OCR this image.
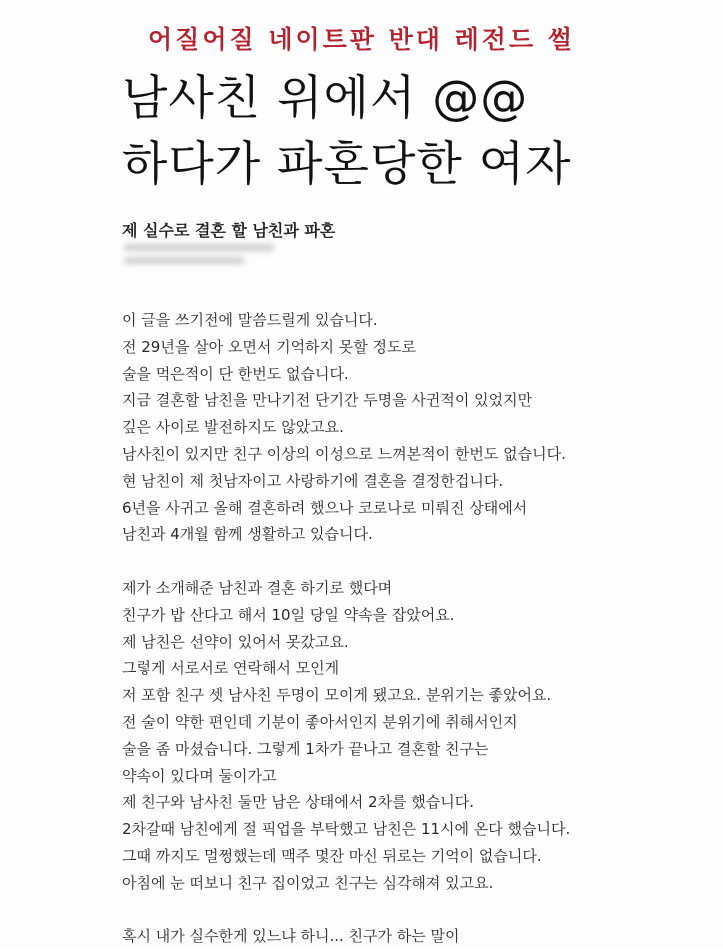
어질어질 네이트판 반대 레전드 썰
남사친 위에서 @@
하다가 파혼당한 여자
제 실수로 결혼 할 남친과 파혼
이 글을 쓰기전에 말씀드릴게 있습니다.
전 29년을 살아 오면서 기억하지 못할 정도로
술을 먹은적이 단 한번도 없습니다.
지금 결혼할 남친을 만나기전 단기간 두명을 사귄적이 있었지만
깊은 사이로 발전하지도 않았고요.
남사친이 있지만 친구 이상의 이성으로 느껴본적이 한번도 없습니다.
현 남친이 제 첫남자이고 사랑하기에 결혼을 결정한겁니다.
6년을 사귀고 올해 결혼하려 했으나 코로나로 미뤄진 상태에서
남친과 4개월 함께 생활하고 있습니다.
제가 소개해준 남친과 결혼 하기로 했다며
친구가 밥 산다고 해서 10일 당일 약속을 잡았어요.
제 남친은 선약이 있어서 못갔고요.
그렇게 서로서로 연락해서 모인게
저 포함 친구 셋 남사친 두명이 모이게 됐고요. 분위기는 좋았어요.
전 술이 약한 편인데 기분이 좋아서인지 분위기에 취해서인지
술을 좀 마셨습니다. 그렇게 1차가 끝나고 결혼할 친구는
약속이 있다며 둘이가고
제 친구와 남사친 둘만 남은 상태에서 2차를 했습니다.
2차갈때 남친에게 절 픽업을 부탁했고 남친은 11시에 온다 했습니다.
그때 까지도 멀쩡했는데 맥주 몇잔 마신 뒤로는 기억이 없습니다.
아침에 눈 떠보니 친구 집이었고 친구는 심각해져 있고요.
혹시 내가 실수한게 있느냐 하니... 친구가 하는 말이
